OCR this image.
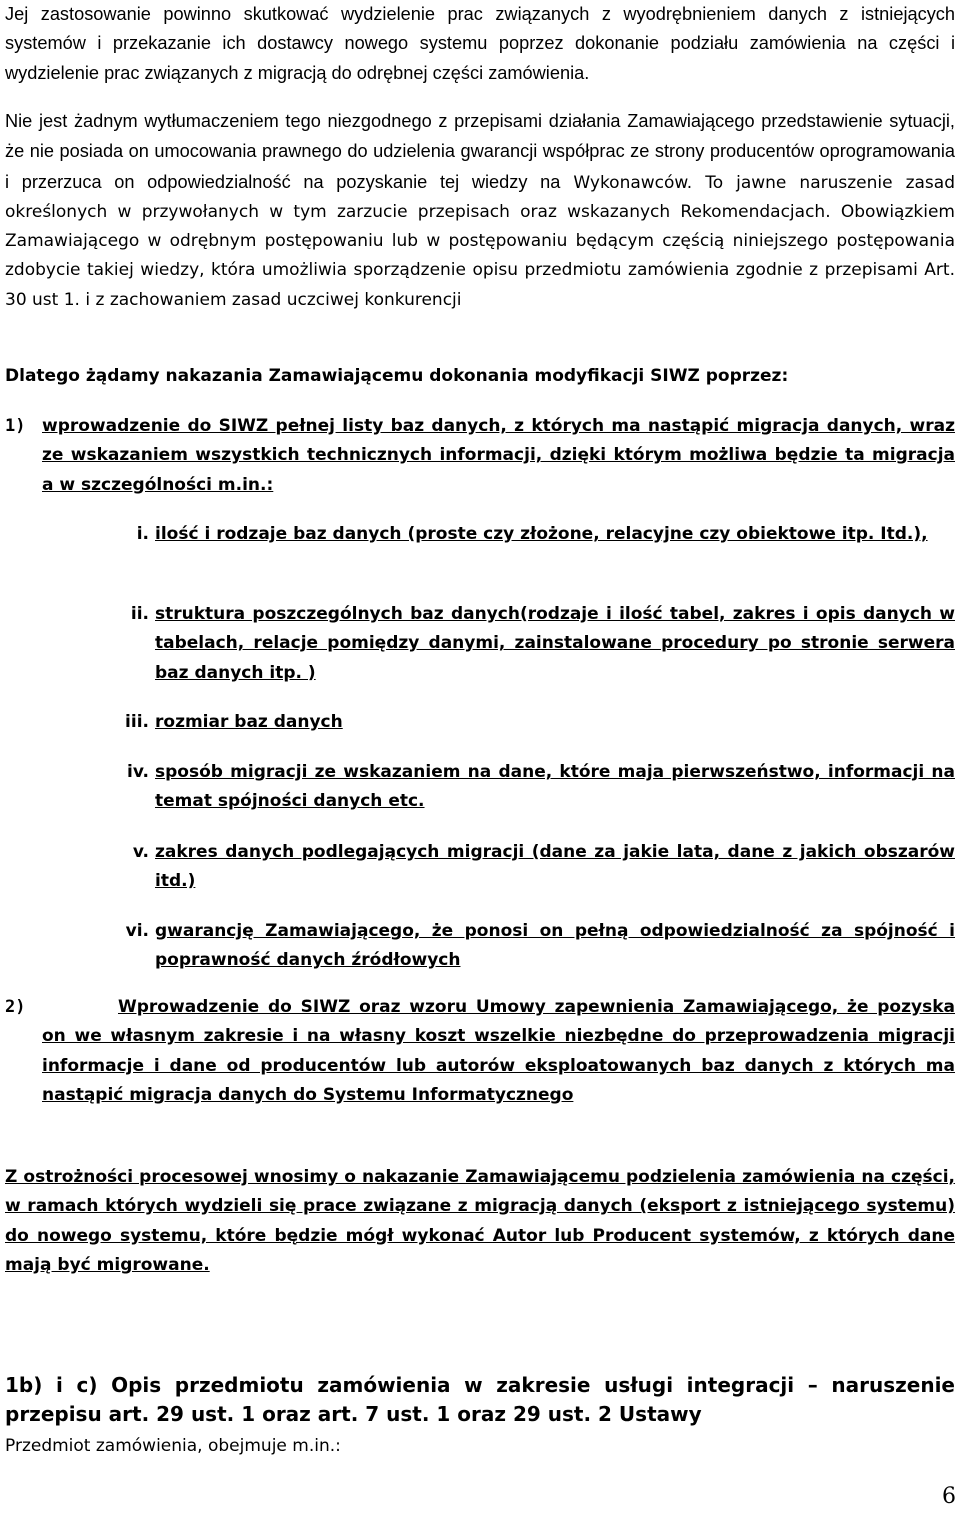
Jej zastosowanie powinno skutkować wydzielenie prac związanych z wyodrębnieniem danych z istniejących systemów i przekazanie ich dostawcy nowego systemu poprzez dokonanie podziału zamówienia na części i wydzielenie prac związanych z migracją do odrębnej części zamówienia.

Nie jest żadnym wytłumaczeniem tego niezgodnego z przepisami działania Zamawiającego przedstawienie sytuacji, że nie posiada on umocowania prawnego do udzielenia gwarancji współprac ze strony producentów oprogramowania i przerzuca on odpowiedzialność na pozyskanie tej wiedzy na Wykonawców. To jawne naruszenie zasad określonych w przywołanych w tym zarzucie przepisach oraz wskazanych Rekomendacjach. Obowiązkiem Zamawiającego w odrębnym postępowaniu lub w postępowaniu będącym częścią niniejszego postępowania zdobycie takiej wiedzy, która umożliwia sporządzenie opisu przedmiotu zamówienia zgodnie z przepisami Art. 30 ust 1. i z zachowaniem zasad uczciwej konkurencji

Dlatego żądamy nakazania Zamawiającemu dokonania modyfikacji SIWZ poprzez:

1) wprowadzenie do SIWZ pełnej listy baz danych, z których ma nastąpić migracja danych, wraz ze wskazaniem wszystkich technicznych informacji, dzięki którym możliwa będzie ta migracja a w szczególności m.in.:

i. ilość i rodzaje baz danych (proste czy złożone, relacyjne czy obiektowe itp. Itd.),

ii. struktura poszczególnych baz danych(rodzaje i ilość tabel, zakres i opis danych w tabelach, relacje pomiędzy danymi, zainstalowane procedury po stronie serwera baz danych itp. )

iii. rozmiar baz danych

iv. sposób migracji ze wskazaniem na dane, które maja pierwszeństwo, informacji na temat spójności danych etc.

v. zakres danych podlegających migracji (dane za jakie lata, dane z jakich obszarów itd.)

vi. gwarancję Zamawiającego, że ponosi on pełną odpowiedzialność za spójność i poprawność danych źródłowych

2)	Wprowadzenie do SIWZ oraz wzoru Umowy zapewnienia Zamawiającego, że pozyska on we własnym zakresie i na własny koszt wszelkie niezbędne do przeprowadzenia migracji informacje i dane od producentów lub autorów eksploatowanych baz danych z których ma nastąpić migracja danych do Systemu Informatycznego

Z ostrożności procesowej wnosimy o nakazanie Zamawiającemu podzielenia zamówienia na części, w ramach których wydzieli się prace związane z migracją danych (eksport z istniejącego systemu) do nowego systemu, które będzie mógł wykonać Autor lub Producent systemów, z których dane mają być migrowane.

1b) i c) Opis przedmiotu zamówienia w zakresie usługi integracji – naruszenie przepisu art. 29 ust. 1 oraz art. 7 ust. 1 oraz 29 ust. 2 Ustawy

Przedmiot zamówienia, obejmuje m.in.:

6
